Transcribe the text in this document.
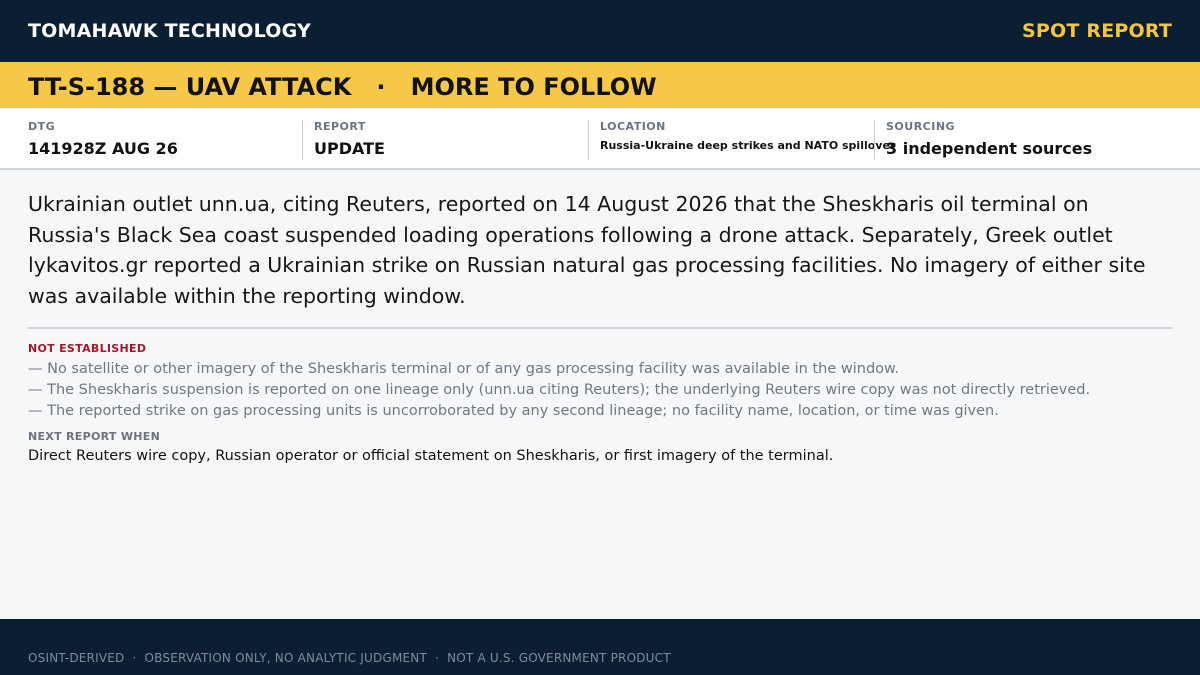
TOMAHAWK TECHNOLOGY	SPOT REPORT
TT-S-188 — UAV ATTACK   ·   MORE TO FOLLOW
DTG
141928Z AUG 26
REPORT
UPDATE
LOCATION
Russia-Ukraine deep strikes and NATO spillover
SOURCING
3 independent sources
Ukrainian outlet unn.ua, citing Reuters, reported on 14 August 2026 that the Sheskharis oil terminal on Russia's Black Sea coast suspended loading operations following a drone attack. Separately, Greek outlet lykavitos.gr reported a Ukrainian strike on Russian natural gas processing facilities. No imagery of either site was available within the reporting window.
NOT ESTABLISHED
— No satellite or other imagery of the Sheskharis terminal or of any gas processing facility was available in the window.
— The Sheskharis suspension is reported on one lineage only (unn.ua citing Reuters); the underlying Reuters wire copy was not directly retrieved.
— The reported strike on gas processing units is uncorroborated by any second lineage; no facility name, location, or time was given.
NEXT REPORT WHEN
Direct Reuters wire copy, Russian operator or official statement on Sheskharis, or first imagery of the terminal.
OSINT-DERIVED  ·  OBSERVATION ONLY, NO ANALYTIC JUDGMENT  ·  NOT A U.S. GOVERNMENT PRODUCT
